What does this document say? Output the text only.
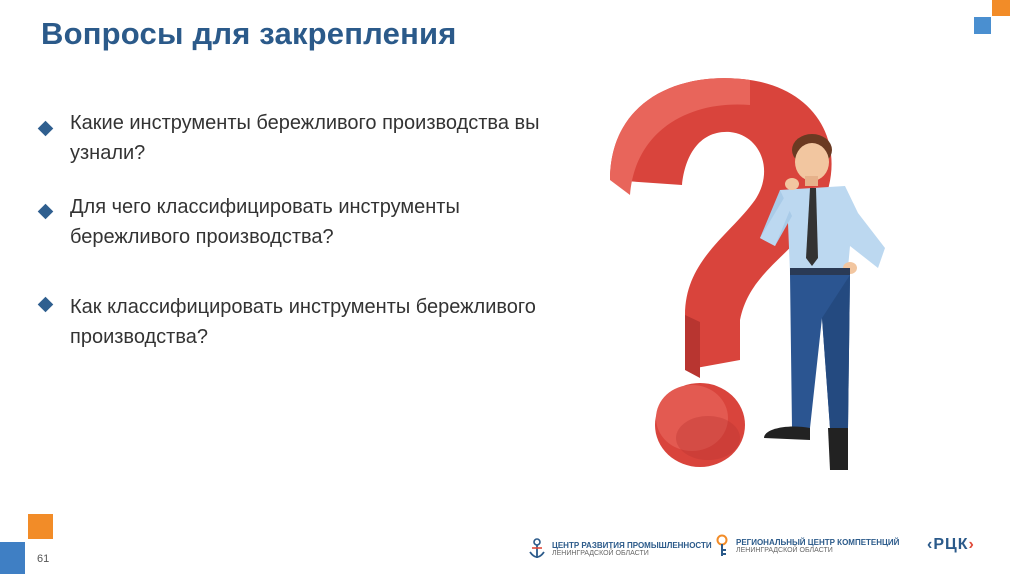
Вопросы для закрепления
Какие инструменты бережливого производства вы узнали?
Для чего классифицировать инструменты бережливого производства?
Как классифицировать инструменты бережливого производства?
61
ЦЕНТР РАЗВИТИЯ ПРОМЫШЛЕННОСТИ
ЛЕНИНГРАДСКОЙ ОБЛАСТИ
РЕГИОНАЛЬНЫЙ ЦЕНТР КОМПЕТЕНЦИЙ
ЛЕНИНГРАДСКОЙ ОБЛАСТИ	‹РЦК›
